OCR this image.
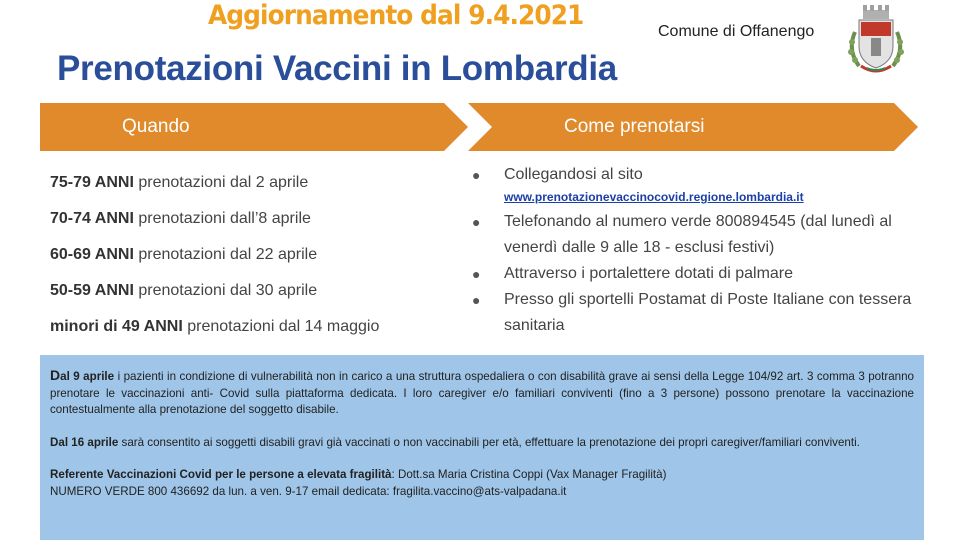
Aggiornamento dal 9.4.2021
Comune di Offanengo
Prenotazioni Vaccini in Lombardia
Quando	Come prenotarsi
75-79 ANNI prenotazioni dal 2 aprile
70-74 ANNI prenotazioni dall’8 aprile
60-69 ANNI prenotazioni dal 22 aprile
50-59 ANNI prenotazioni dal 30 aprile
minori di 49 ANNI prenotazioni dal 14 maggio
● Collegandosi al sito
www.prenotazionevaccinocovid.regione.lombardia.it
● Telefonando al numero verde 800894545 (dal lunedì al venerdì dalle 9 alle 18 - esclusi festivi)
● Attraverso i portalettere dotati di palmare
● Presso gli sportelli Postamat di Poste Italiane con tessera sanitaria

Dal 9 aprile i pazienti in condizione di vulnerabilità non in carico a una struttura ospedaliera o con disabilità grave ai sensi della Legge 104/92 art. 3 comma 3 potranno prenotare le vaccinazioni anti- Covid sulla piattaforma dedicata. I loro caregiver e/o familiari conviventi (fino a 3 persone) possono prenotare la vaccinazione contestualmente alla prenotazione del soggetto disabile.

Dal 16 aprile sarà consentito ai soggetti disabili gravi già vaccinati o non vaccinabili per età, effettuare la prenotazione dei propri caregiver/familiari conviventi.

Referente Vaccinazioni Covid per le persone a elevata fragilità: Dott.sa Maria Cristina Coppi (Vax Manager Fragilità)
NUMERO VERDE 800 436692 da lun. a ven. 9-17 email dedicata: fragilita.vaccino@ats-valpadana.it
